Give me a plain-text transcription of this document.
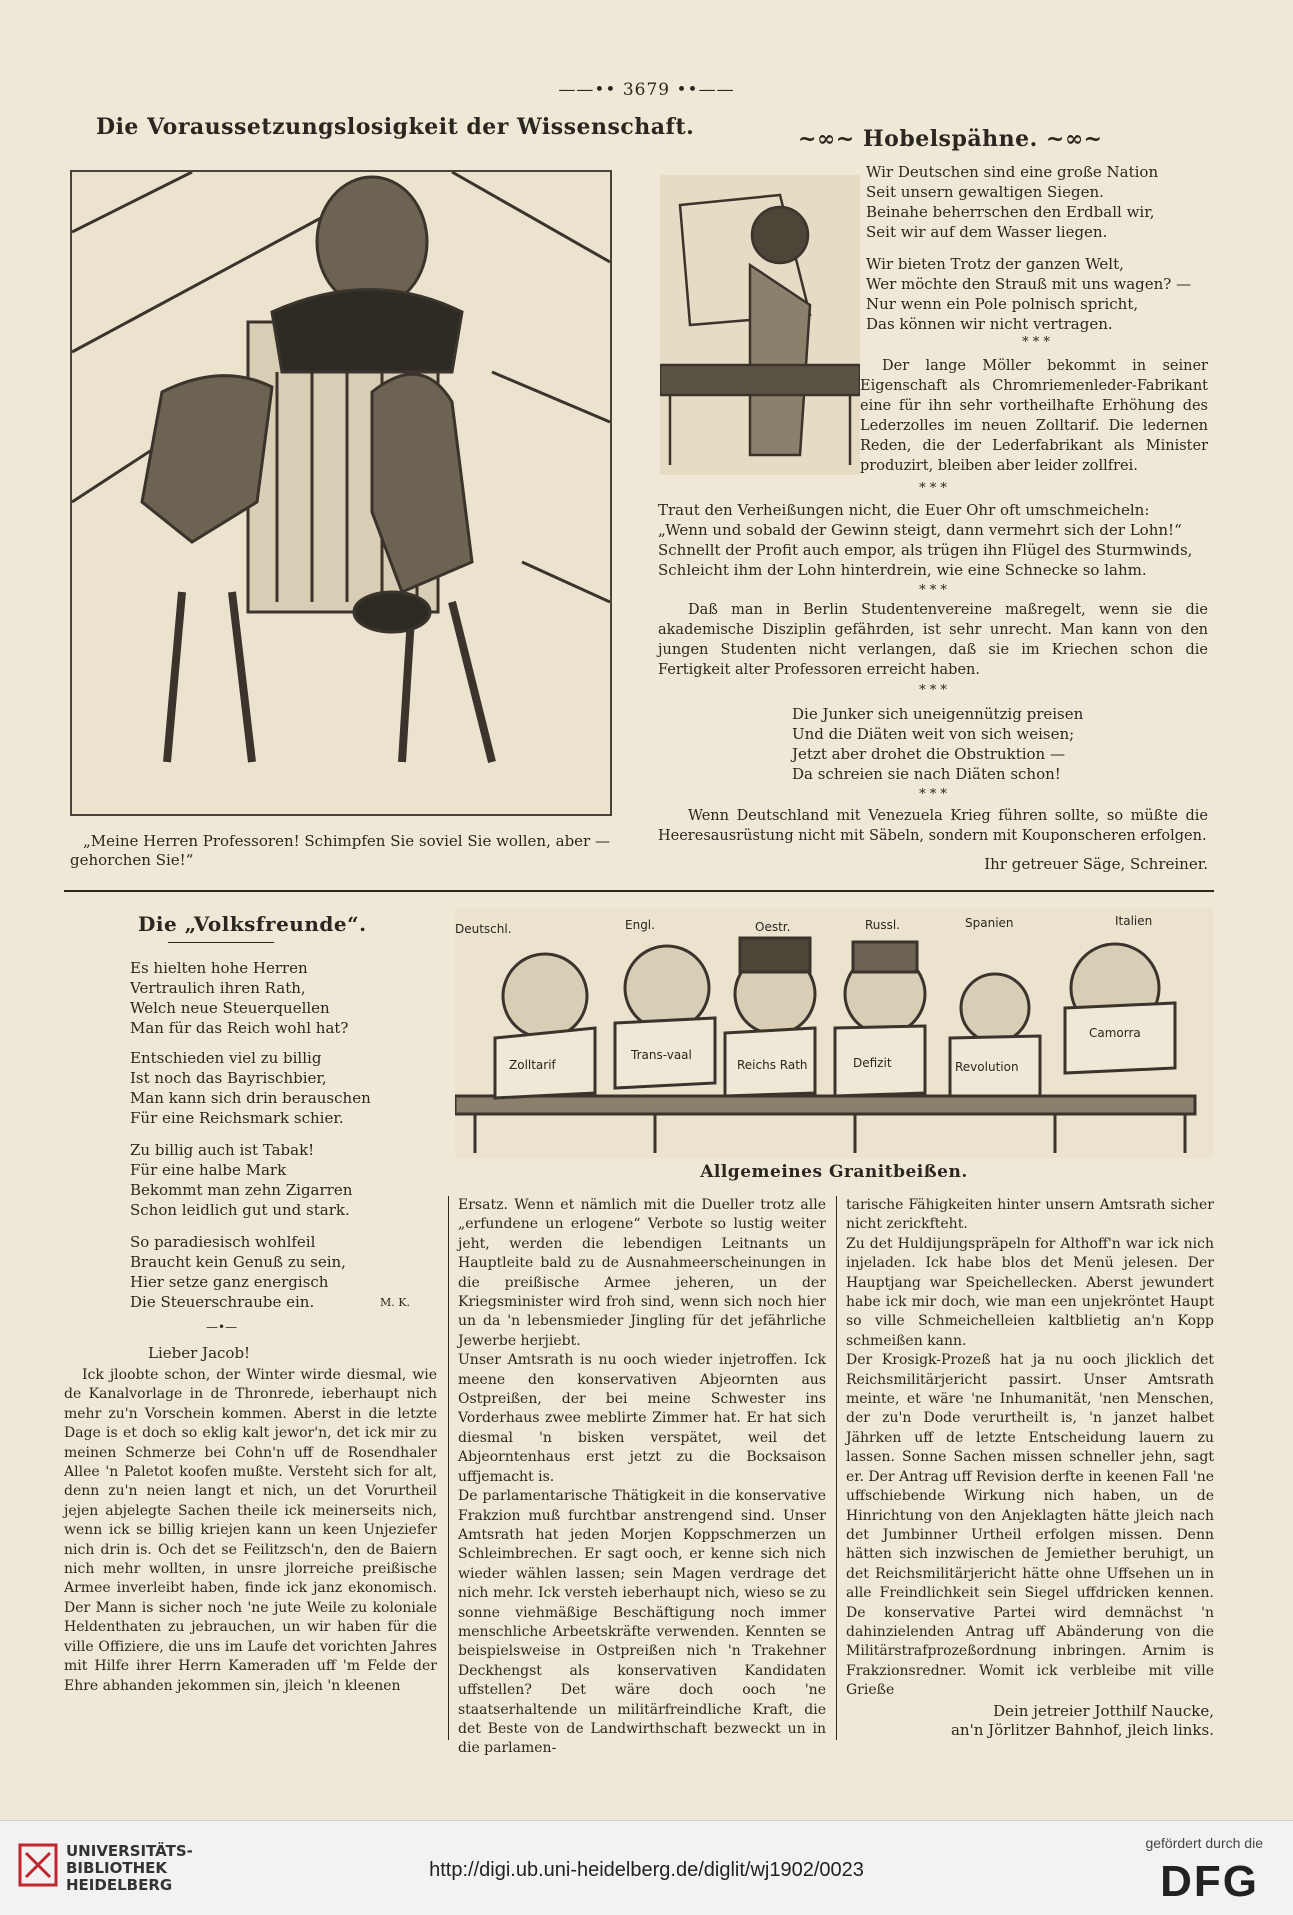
——•• 3679 ••——
Die Voraussetzungslosigkeit der Wissenschaft.

„Meine Herren Professoren! Schimpfen Sie soviel Sie wollen, aber —

gehorchen Sie!“

~∞~ Hobelspähne. ~∞~

Wir Deutschen sind eine große Nation

Seit unsern gewaltigen Siegen.

Beinahe beherrschen den Erdball wir,

Seit wir auf dem Wasser liegen.

Wir bieten Trotz der ganzen Welt,

Wer möchte den Strauß mit uns wagen? —

Nur wenn ein Pole polnisch spricht,

Das können wir nicht vertragen.

* * *

Der lange Möller bekommt in seiner Eigenschaft als Chromriemenleder-Fabrikant eine für ihn sehr vortheilhafte Erhöhung des Lederzolles im neuen Zolltarif. Die ledernen Reden, die der Lederfabrikant als Minister produzirt, bleiben aber leider zollfrei.

* * *

Traut den Verheißungen nicht, die Euer Ohr oft umschmeicheln:

„Wenn und sobald der Gewinn steigt, dann vermehrt sich der Lohn!“

Schnellt der Profit auch empor, als trügen ihn Flügel des Sturmwinds,

Schleicht ihm der Lohn hinterdrein, wie eine Schnecke so lahm.

* * *

Daß man in Berlin Studentenvereine maßregelt, wenn sie die akademische Disziplin gefährden, ist sehr unrecht. Man kann von den jungen Studenten nicht verlangen, daß sie im Kriechen schon die Fertigkeit alter Professoren erreicht haben.

* * *

Die Junker sich uneigennützig preisen

Und die Diäten weit von sich weisen;

Jetzt aber drohet die Obstruktion —

Da schreien sie nach Diäten schon!

* * *

Wenn Deutschland mit Venezuela Krieg führen sollte, so müßte die Heeresausrüstung nicht mit Säbeln, sondern mit Kouponscheren erfolgen.

Ihr getreuer Säge, Schreiner.
Die „Volksfreunde“.

Es hielten hohe Herren

Vertraulich ihren Rath,

Welch neue Steuerquellen

Man für das Reich wohl hat?

Entschieden viel zu billig

Ist noch das Bayrischbier,

Man kann sich drin berauschen

Für eine Reichsmark schier.

Zu billig auch ist Tabak!

Für eine halbe Mark

Bekommt man zehn Zigarren

Schon leidlich gut und stark.

So paradiesisch wohlfeil

Braucht kein Genuß zu sein,

Hier setze ganz energisch

Die Steuerschraube ein.	M. K.
—•—
Deutschl.	Engl.	Oestr.	Russl.	Spanien	Italien
Zolltarif
Trans-vaal
Reichs Rath	Defizit	Revolution
Camorra
Allgemeines Granitbeißen.
Lieber Jacob!

Ick jloobte schon, der Winter wirde diesmal, wie de Kanalvorlage in de Thronrede, ieberhaupt nich mehr zu'n Vorschein kommen. Aberst in die letzte Dage is et doch so eklig kalt jewor'n, det ick mir zu meinen Schmerze bei Cohn'n uff de Rosendhaler Allee 'n Paletot koofen mußte. Versteht sich for alt, denn zu'n neien langt et nich, un det Vorurtheil jejen abjelegte Sachen theile ick meinerseits nich, wenn ick se billig kriejen kann un keen Unjeziefer nich drin is. Och det se Feilitzsch'n, den de Baiern nich mehr wollten, in unsre jlorreiche preißische Armee inverleibt haben, finde ick janz ekonomisch. Der Mann is sicher noch 'ne jute Weile zu koloniale Heldenthaten zu jebrauchen, un wir haben für die ville Offiziere, die uns im Laufe det vorichten Jahres mit Hilfe ihrer Herrn Kameraden uff 'm Felde der Ehre abhanden jekommen sin, jleich 'n kleenen

Ersatz. Wenn et nämlich mit die Dueller trotz alle „erfundene un erlogene“ Verbote so lustig weiter jeht, werden die lebendigen Leitnants un Hauptleite bald zu de Ausnahmeerscheinungen in die preißische Armee jeheren, un der Kriegsminister wird froh sind, wenn sich noch hier un da 'n lebensmieder Jingling für det jefährliche Jewerbe herjiebt.
Unser Amtsrath is nu ooch wieder injetroffen. Ick meene den konservativen Abjeornten aus Ostpreißen, der bei meine Schwester ins Vorderhaus zwee meblirte Zimmer hat. Er hat sich diesmal 'n bisken verspätet, weil det Abjeorntenhaus erst jetzt zu die Bocksaison uffjemacht is.
De parlamentarische Thätigkeit in die konservative Frakzion muß furchtbar anstrengend sind. Unser Amtsrath hat jeden Morjen Koppschmerzen un Schleimbrechen. Er sagt ooch, er kenne sich nich wieder wählen lassen; sein Magen verdrage det nich mehr. Ick versteh ieberhaupt nich, wieso se zu sonne viehmäßige Beschäftigung noch immer menschliche Arbeetskräfte verwenden. Kennten se beispielsweise in Ostpreißen nich 'n Trakehner Deckhengst als konservativen Kandidaten uffstellen? Det wäre doch ooch 'ne staatserhaltende un militärfreindliche Kraft, die det Beste von de Landwirthschaft bezweckt un in die parlamen-
tarische Fähigkeiten hinter unsern Amtsrath sicher nicht zerickfteht.
Zu det Huldijungspräpeln for Althoff'n war ick nich injeladen. Ick habe blos det Menü jelesen. Der Hauptjang war Speichellecken. Aberst jewundert habe ick mir doch, wie man een unjekröntet Haupt so ville Schmeichelleien kaltblietig an'n Kopp schmeißen kann.
Der Krosigk-Prozeß hat ja nu ooch jlicklich det Reichsmilitärjericht passirt. Unser Amtsrath meinte, et wäre 'ne Inhumanität, 'nen Menschen, der zu'n Dode verurtheilt is, 'n janzet halbet Jährken uff de letzte Entscheidung lauern zu lassen. Sonne Sachen missen schneller jehn, sagt er. Der Antrag uff Revision derfte in keenen Fall 'ne uffschiebende Wirkung nich haben, un de Hinrichtung von den Anjeklagten hätte jleich nach det Jumbinner Urtheil erfolgen missen. Denn hätten sich inzwischen de Jemiether beruhigt, un det Reichsmilitärjericht hätte ohne Uffsehen un in alle Freindlichkeit sein Siegel uffdricken kennen. De konservative Partei wird demnächst 'n dahinzielenden Antrag uff Abänderung von die Militärstrafprozeßordnung inbringen. Arnim is Frakzionsredner. Womit ick verbleibe mit ville Grieße

Dein jetreier Jotthilf Naucke,

an'n Jörlitzer Bahnhof, jleich links.

UNIVERSITÄTS-
BIBLIOTHEK
HEIDELBERG
http://digi.ub.uni-heidelberg.de/diglit/wj1902/0023
gefördert durch die
DFG
